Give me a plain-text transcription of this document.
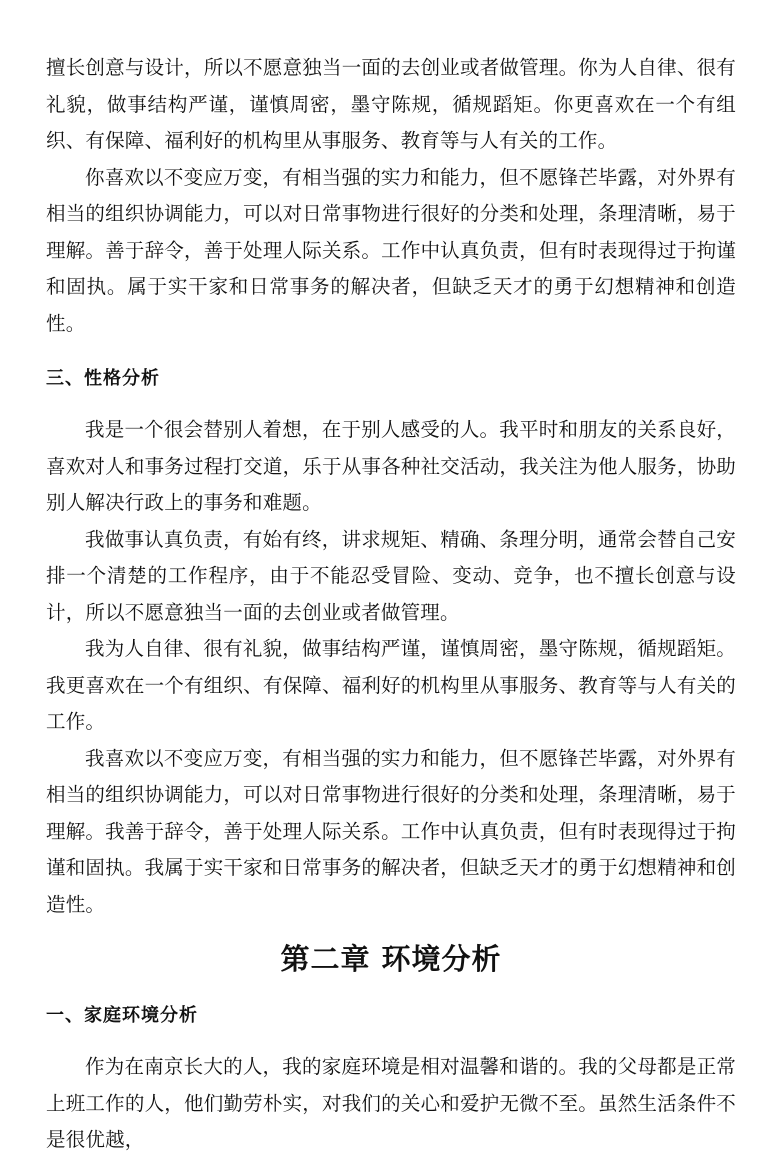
擅长创意与设计，所以不愿意独当一面的去创业或者做管理。你为人自律、很有礼貌，做事结构严谨，谨慎周密，墨守陈规，循规蹈矩。你更喜欢在一个有组织、有保障、福利好的机构里从事服务、教育等与人有关的工作。

你喜欢以不变应万变，有相当强的实力和能力，但不愿锋芒毕露，对外界有相当的组织协调能力，可以对日常事物进行很好的分类和处理，条理清晰，易于理解。善于辞令，善于处理人际关系。工作中认真负责，但有时表现得过于拘谨和固执。属于实干家和日常事务的解决者，但缺乏天才的勇于幻想精神和创造性。

三、性格分析

我是一个很会替别人着想，在于别人感受的人。我平时和朋友的关系良好，喜欢对人和事务过程打交道，乐于从事各种社交活动，我关注为他人服务，协助别人解决行政上的事务和难题。

我做事认真负责，有始有终，讲求规矩、精确、条理分明，通常会替自己安排一个清楚的工作程序，由于不能忍受冒险、变动、竞争，也不擅长创意与设计，所以不愿意独当一面的去创业或者做管理。

我为人自律、很有礼貌，做事结构严谨，谨慎周密，墨守陈规，循规蹈矩。我更喜欢在一个有组织、有保障、福利好的机构里从事服务、教育等与人有关的工作。

我喜欢以不变应万变，有相当强的实力和能力，但不愿锋芒毕露，对外界有相当的组织协调能力，可以对日常事物进行很好的分类和处理，条理清晰，易于理解。我善于辞令，善于处理人际关系。工作中认真负责，但有时表现得过于拘谨和固执。我属于实干家和日常事务的解决者，但缺乏天才的勇于幻想精神和创造性。

第二章 环境分析
一、家庭环境分析

作为在南京长大的人，我的家庭环境是相对温馨和谐的。我的父母都是正常上班工作的人，他们勤劳朴实，对我们的关心和爱护无微不至。虽然生活条件不是很优越，
